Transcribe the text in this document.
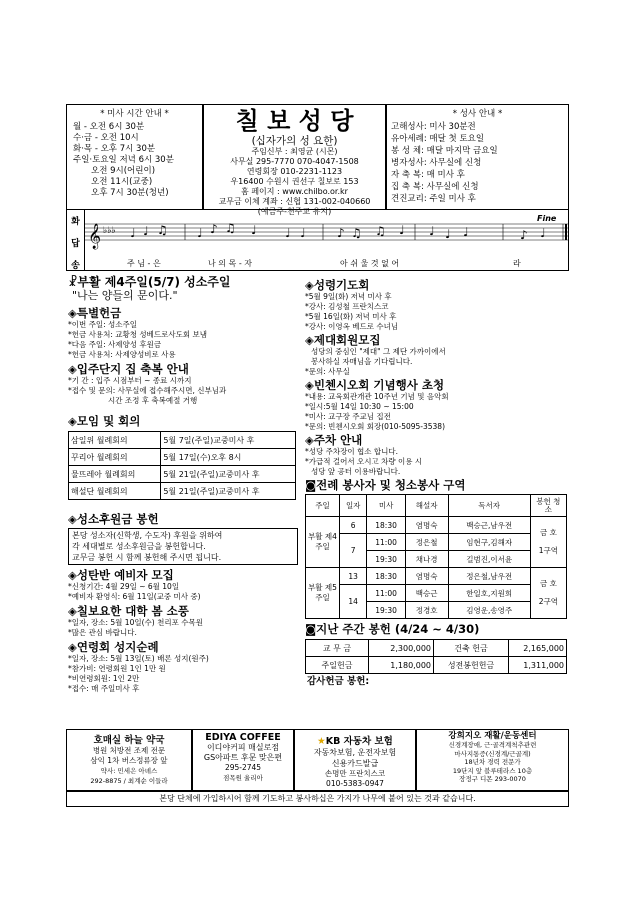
* 미사 시간 안내 *
월 - 오전 6시 30분
수·금 - 오전 10시
화·목 - 오후 7시 30분
주일·토요일 저녁 6시 30분
오전 9시(어린이)
오전 11시(교중)
오후 7시 30분(청년)
칠 보 성 당
(십자가의 성 요한)
주임신부 : 최영균 (시몬)
사무실 295-7770 070-4047-1508
연령회장 010-2231-1123
우16400 수원시 권선구 칠보로 153
홈 페이지 : www.chilbo.or.kr
교무금 이체 계좌 : 신협 131-002-040660
(예금주-천주교 유지)
* 성사 안내 *
고해성사: 미사 30분전
유아세례: 매달 첫 토요일
봉 성 체: 매달 마지막 금요일
병자성사: 사무실에 신청
자 축 복: 매 미사 후
집 축 복: 사무실에 신청
견진교리: 주일 미사 후
화
답
송
𝄞 ♭♭♭ ♩ ♩ ♫ ♩ ♪ ♫ ♩ ♩ ♩	♪ ♫ ♫ ♩ ♩ ♩ ♩	♪ ♩
Fine
주 님 - 은	나 의 목 - 자	아 쉬 울 것 없 어	라
☧부활 제4주일(5/7) 성소주일
"나는 양들의 문이다."
◈특별헌금
*이번 주일: 성소주일
*헌금 사용처: 교황청 성베드로사도회 보냄
*다음 주일: 사제양성 후원금
*헌금 사용처: 사제양성비로 사용
◈입주단지 집 축복 안내
*기 간 : 입주 시점부터 ~ 종료 시까지
*접수 및 문의: 사무실에 접수해주시면, 신부님과
시간 조정 후 축복예절 거행
◈모임 및 회의
삼일위 월례회의	5월 7일(주일)교중미사 후
꾸리아 월례회의	5월 17일(수)오후 8시
물뜨레아 월례회의	5월 21일(주일)교중미사 후
해설단 월례회의	5월 21일(주일)교중미사 후
◈성소후원금 봉헌
본당 성소자(신학생, 수도자) 후원을 위하여
각 세대별로 성소후원금을 봉헌합니다.
교무금 봉헌 시 함께 봉헌해 주시면 됩니다.
◈성탄반 예비자 모집
*신청기간: 4월 29일 ~ 6월 10일
*예비자 환영식: 6월 11일(교중 미사 중)
◈칠보요한 대학 봄 소풍
*일자, 장소: 5월 10일(수) 천리포 수목원
*많은 관심 바랍니다.
◈연령회 성지순례
*일자, 장소: 5월 13일(토) 배론 성지(원주)
*참가비: 연령회원 1인 1만 원
*비연령회원: 1인 2만
*접수: 매 주일미사 후
◈성령기도회
*5월 9일(화) 저녁 미사 후
*강사: 김성철 프란치스코
*5월 16일(화) 저녁 미사 후
*강사: 이영옥 베드로 수녀님
◈제대회원모집
성당의 중심인 "제대" 그 제단 가까이에서
봉사하실 자매님을 기다립니다.
*문의: 사무실
◈빈첸시오회 기념행사 초청
*내용: 교육회관개관 10주년 기념 및 음악회
*일시:5월 14일 10:30 ~ 15:00
*미사: 교구장 주교님 집전
*문의: 빈첸시오회 회장(010-5095-3538)
◈주차 안내
*성당 주차장이 협소 합니다.
*가급적 걸어서 오시고 차량 이용 시
성당 앞 공터 이용바랍니다.
◙전례 봉사자 및 청소봉사 구역
주일	일자	미사	해설자	독서자	봉헌 청소
부활 제4 주일	6	18:30	염명숙	백승근,남우전	금 호
1구역

	7	11:00	정은철	임현구,김해자	
		19:30	채나경	길범진,이서윤	
부활 제5 주일	13	18:30	염명숙	정은철,남우전	금 호
2구역

	14	11:00	백승근	한일호,지원희	
		19:30	정경호	김영운,송영주	
◙지난 주간 봉헌 (4/24 ~ 4/30)
교 무 금	2,300,000	건축 헌금	2,165,000
주일헌금	1,180,000	성전봉헌헌금	1,311,000
감사헌금 봉헌:
호매실 하늘 약국
병원 처방전 조제 전문
삼익 1차 버스정류장 앞
약사: 민세은 아녜스
292-8875 / 최계순 이들라
EDIYA COFFEE
이디야커피 매실로점
GS아파트 후문 맞은편
295-2745
점목원 율리아
★KB 자동차 보험
자동차보험, 운전자보험
신용카드발급
손명만 프란치스코
010-5383-0947
강희지오 재활/운동센터
신경계장애, 근·골격계척추관련
마사지통증(신경계/근골계)
18년차 경력 전문가
19단지 앞 블루테라스 10층
장정구 디몬 293-0070
본당 단체에 가입하시어 함께 기도하고 봉사하십은 가지가 나무에 붙어 있는 것과 같습니다.
